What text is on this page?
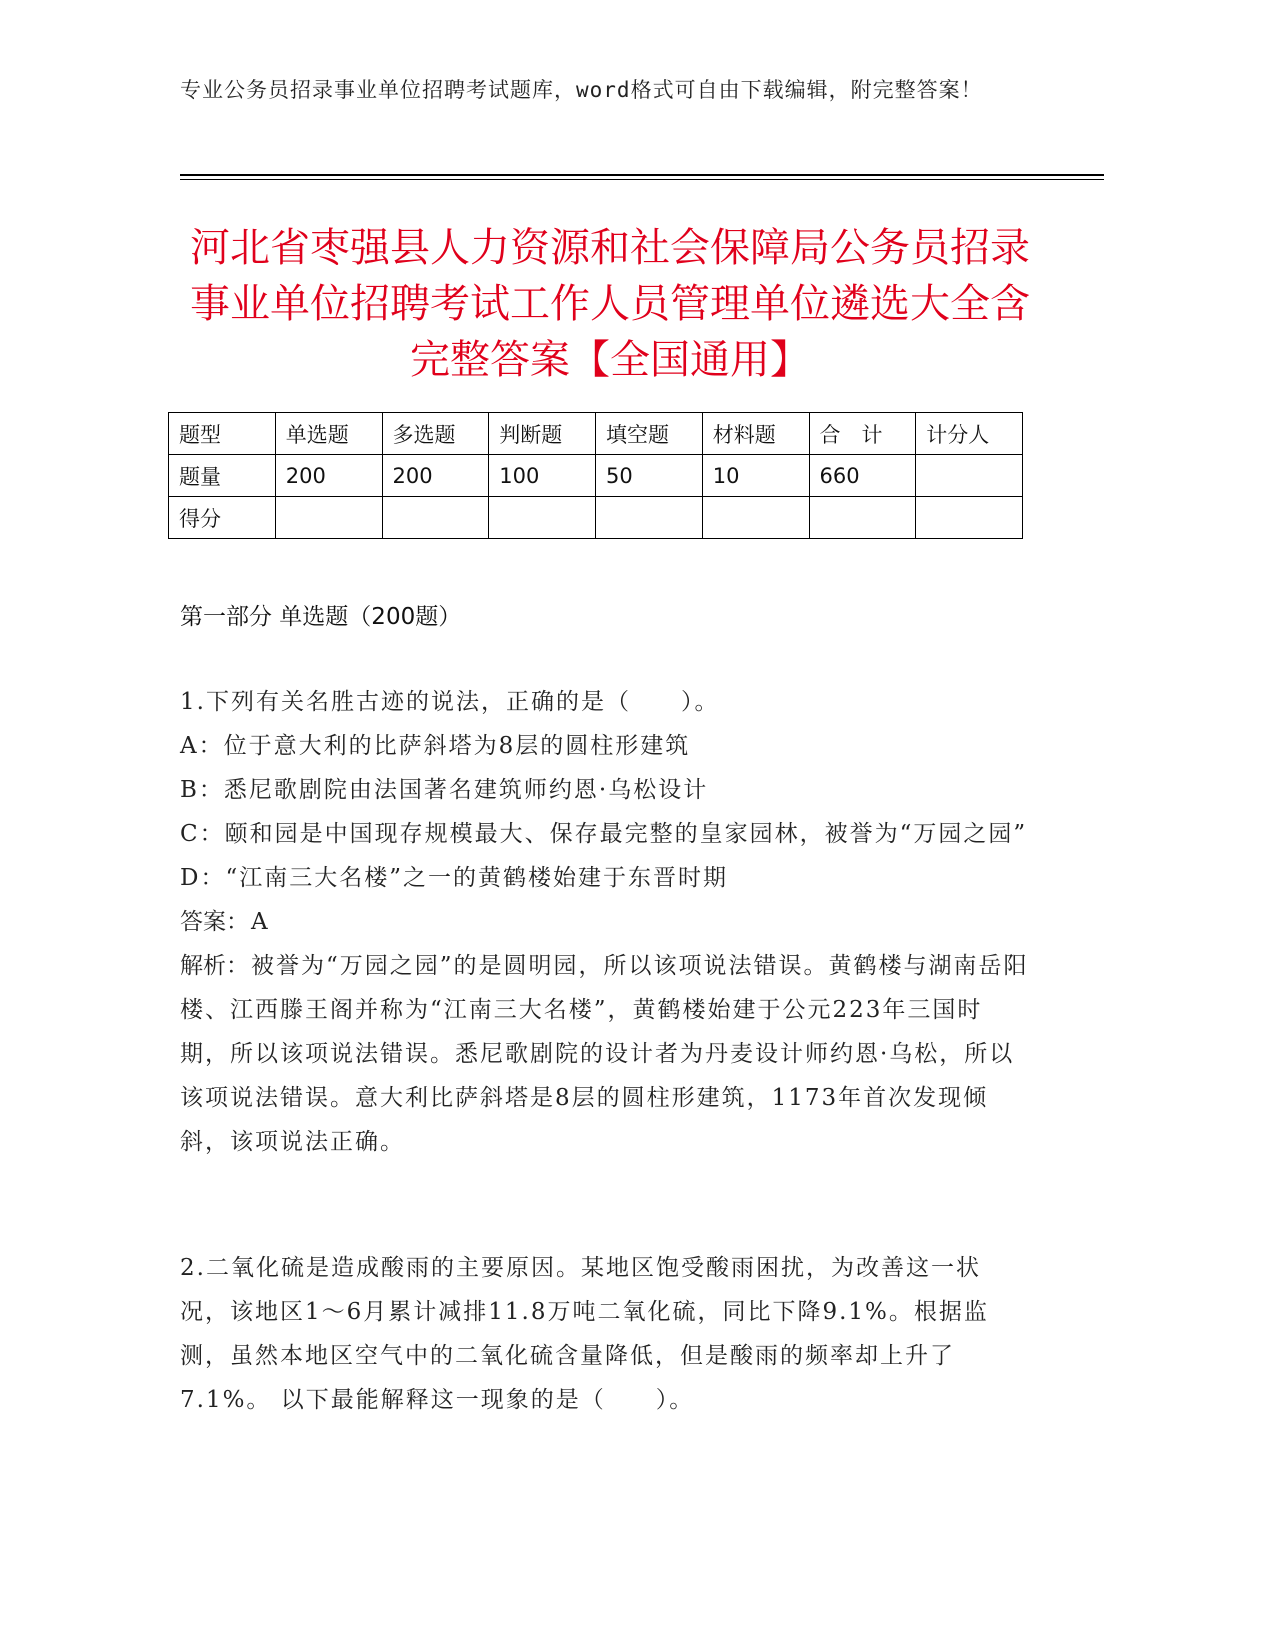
专业公务员招录事业单位招聘考试题库，word格式可自由下载编辑，附完整答案！
河北省枣强县人力资源和社会保障局公务员招录事业单位招聘考试工作人员管理单位遴选大全含完整答案【全国通用】
题型	单选题	多选题	判断题	填空题	材料题	合　计	计分人
题量	200	200	100	50	10	660	
得分							
第一部分 单选题（200题）
1.下列有关名胜古迹的说法，正确的是（　　）。
A：位于意大利的比萨斜塔为8层的圆柱形建筑
B：悉尼歌剧院由法国著名建筑师约恩·乌松设计
C：颐和园是中国现存规模最大、保存最完整的皇家园林，被誉为“万园之园”
D：“江南三大名楼”之一的黄鹤楼始建于东晋时期
答案：A
解析：被誉为“万园之园”的是圆明园，所以该项说法错误。黄鹤楼与湖南岳阳楼、江西滕王阁并称为“江南三大名楼”，黄鹤楼始建于公元223年三国时期，所以该项说法错误。悉尼歌剧院的设计者为丹麦设计师约恩·乌松，所以该项说法错误。意大利比萨斜塔是8层的圆柱形建筑，1173年首次发现倾斜，该项说法正确。
2.二氧化硫是造成酸雨的主要原因。某地区饱受酸雨困扰，为改善这一状况，该地区1～6月累计减排11.8万吨二氧化硫，同比下降9.1%。根据监测，虽然本地区空气中的二氧化硫含量降低，但是酸雨的频率却上升了7.1%。 以下最能解释这一现象的是（　　）。
